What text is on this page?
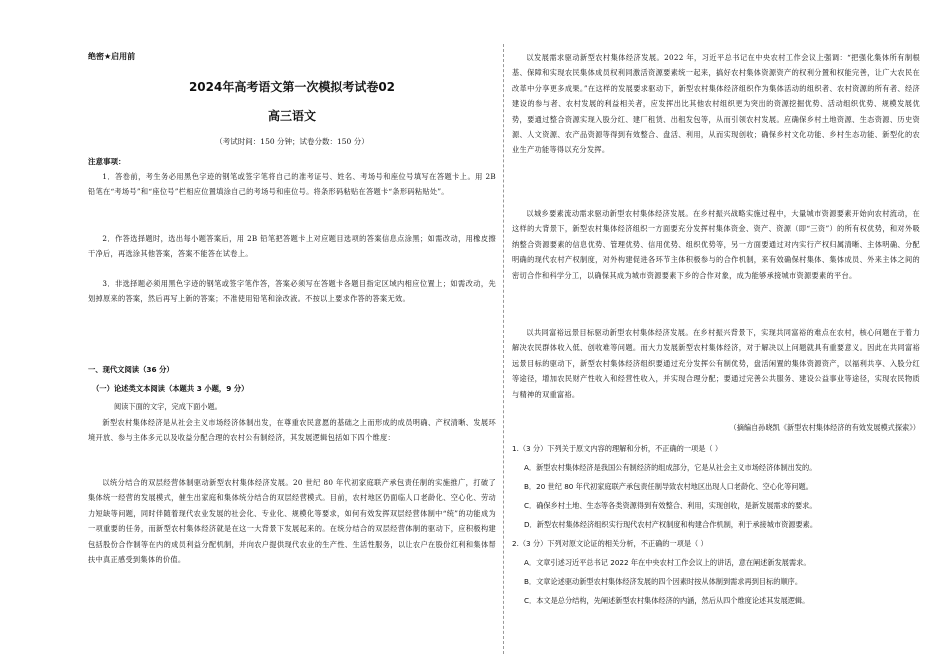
绝密★启用前
2024年高考语文第一次模拟考试卷02
高三语文
（考试时间：150 分钟；试卷分数：150 分）
注意事项：
1．答卷前，考生务必用黑色字迹的钢笔或签字笔将自己的准考证号、姓名、考场号和座位号填写在答题卡上。用 2B 铅笔在“考场号”和“座位号”栏相应位置填涂自己的考场号和座位号。将条形码粘贴在答题卡“条形码粘贴处”。
2．作答选择题时，选出每小题答案后，用 2B 铅笔把答题卡上对应题目选项的答案信息点涂黑；如需改动，用橡皮擦干净后，再选涂其他答案，答案不能答在试卷上。
3．非选择题必须用黑色字迹的钢笔或签字笔作答，答案必须写在答题卡各题目指定区域内相应位置上；如需改动，先划掉原来的答案，然后再写上新的答案；不准使用铅笔和涂改液。不按以上要求作答的答案无效。
一、现代文阅读（36 分）
（一）论述类文本阅读（本题共 3 小题，9 分）
阅读下面的文字，完成下面小题。
新型农村集体经济是从社会主义市场经济体制出发，在尊重农民意愿的基础之上而形成的成员明确、产权清晰、发展环境开放、参与主体多元以及收益分配合理的农村公有制经济，其发展逻辑包括如下四个维度：
以统分结合的双层经营体制驱动新型农村集体经济发展。20 世纪 80 年代初家庭联产承包责任制的实施推广，打破了集体统一经营的发展模式，催生出家庭和集体统分结合的双层经营模式。目前，农村地区仍面临人口老龄化、空心化、劳动力短缺等问题，同时伴随着现代农业发展的社会化、专业化、规模化等要求，如何有效发挥双层经营体制中“统”的功能成为一项重要的任务，而新型农村集体经济就是在这一大背景下发展起来的。在统分结合的双层经营体制的驱动下，应积极构建包括股份合作制等在内的成员利益分配机制，并向农户提供现代农业的生产性、生活性服务，以让农户在股份红利和集体帮扶中真正感受到集体的价值。
以发展需求驱动新型农村集体经济发展。2022 年，习近平总书记在中央农村工作会议上强调：“把强化集体所有制根基、保障和实现农民集体成员权利同激活资源要素统一起来，搞好农村集体资源资产的权利分置和权能完善，让广大农民在改革中分享更多成果。”在这样的发展要求驱动下，新型农村集体经济组织作为集体活动的组织者、农村资源的所有者、经济建设的参与者、农村发展的利益相关者，应发挥出比其他农村组织更为突出的资源挖掘优势、活动组织优势、规模发展优势，要通过整合资源实现入股分红、建厂租赁、出租发包等，从而引领农村发展。应确保乡村土地资源、生态资源、历史资源、人文资源、农产品资源等得到有效整合、盘活、利用，从而实现创收；确保乡村文化功能、乡村生态功能、新型化的农业生产功能等得以充分发挥。
以城乡要素流动需求驱动新型农村集体经济发展。在乡村振兴战略实施过程中，大量城市资源要素开始向农村流动，在这样的大背景下，新型农村集体经济组织一方面要充分发挥村集体资金、资产、资源（即“三资”）的所有权优势，和对外吸纳整合资源要素的信息优势、管理优势、信用优势、组织优势等，另一方面要通过对内实行产权归属清晰、主体明确、分配明确的现代农村产权制度，对外构建促进各环节主体积极参与的合作机制，来有效确保村集体、集体成员、外来主体之间的密切合作和科学分工，以确保其成为城市资源要素下乡的合作对象，成为能够承接城市资源要素的平台。
以共同富裕远景目标驱动新型农村集体经济发展。在乡村振兴背景下，实现共同富裕的难点在农村，核心问题在于着力解决农民群体收入低、创收难等问题。而大力发展新型农村集体经济，对于解决以上问题就具有重要意义。因此在共同富裕远景目标的驱动下，新型农村集体经济组织要通过充分发挥公有制优势，盘活闲置的集体资源资产，以福利共享、入股分红等途径，增加农民财产性收入和经营性收入，并实现合理分配；要通过完善公共服务、建设公益事业等途径，实现农民物质与精神的双重富裕。
（摘编自孙晓凯《新型农村集体经济的有效发展模式探索》）
1.（3 分）下列关于原文内容的理解和分析，不正确的一项是（ ）
A．新型农村集体经济是我国公有制经济的组成部分，它是从社会主义市场经济体制出发的。
B．20 世纪 80 年代初家庭联产承包责任制导致农村地区出现人口老龄化、空心化等问题。
C．确保乡村土地、生态等各类资源得到有效整合、利用，实现创收，是新发展需求的要求。
D．新型农村集体经济组织实行现代农村产权制度和构建合作机制，利于承接城市资源要素。
2.（3 分）下列对原文论证的相关分析，不正确的一项是（ ）
A．文章引述习近平总书记 2022 年在中央农村工作会议上的讲话，意在阐述新发展需求。
B．文章论述驱动新型农村集体经济发展的四个因素时按从体制到需求再到目标的顺序。
C．本文是总分结构，先阐述新型农村集体经济的内涵，然后从四个维度论述其发展逻辑。
